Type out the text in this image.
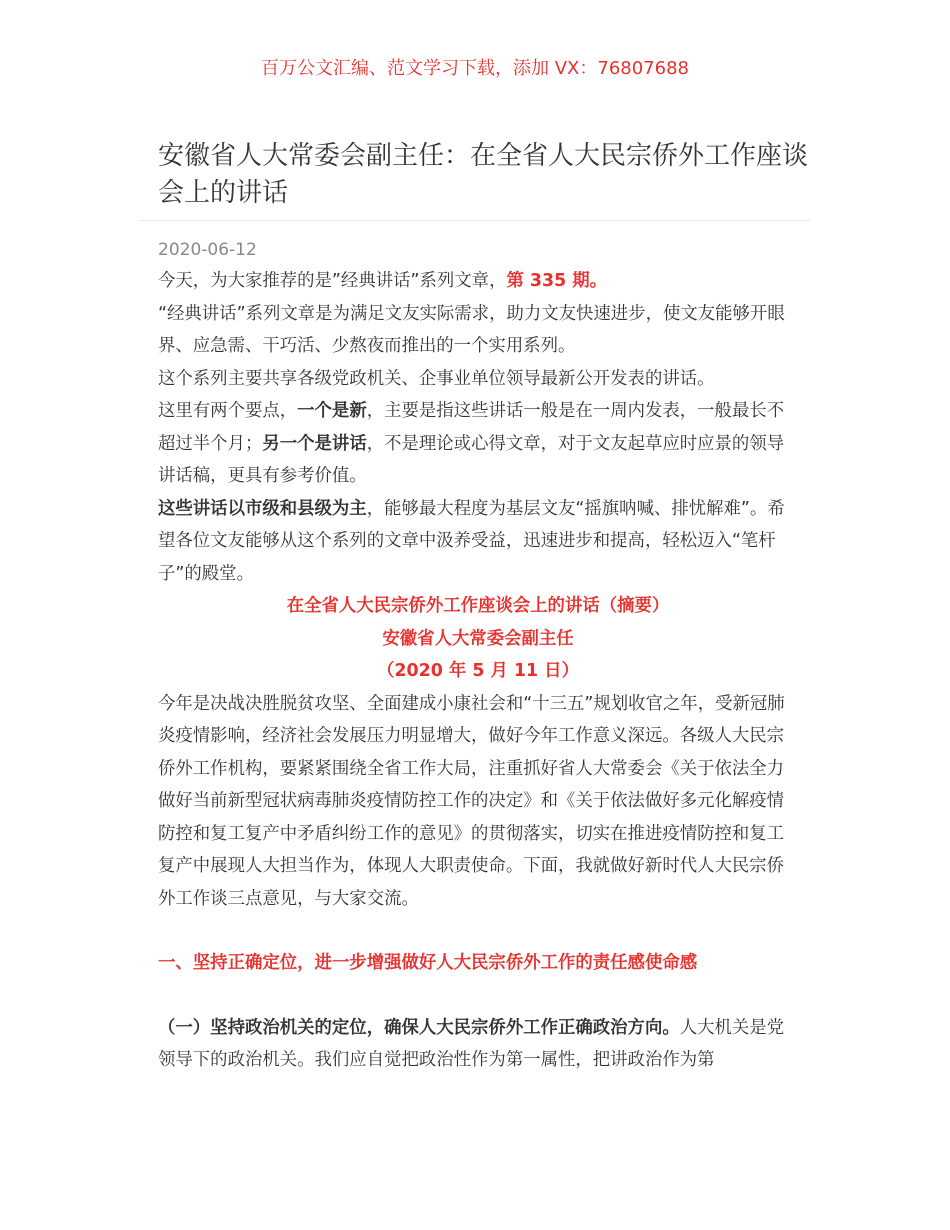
百万公文汇编、范文学习下载，添加 VX：76807688
安徽省人大常委会副主任：在全省人大民宗侨外工作座谈会上的讲话
2020-06-12

今天，为大家推荐的是”经典讲话”系列文章，第 335 期。

“经典讲话”系列文章是为满足文友实际需求，助力文友快速进步，使文友能够开眼界、应急需、干巧活、少熬夜而推出的一个实用系列。

这个系列主要共享各级党政机关、企事业单位领导最新公开发表的讲话。

这里有两个要点，一个是新，主要是指这些讲话一般是在一周内发表，一般最长不超过半个月；另一个是讲话，不是理论或心得文章，对于文友起草应时应景的领导讲话稿，更具有参考价值。

这些讲话以市级和县级为主，能够最大程度为基层文友“摇旗呐喊、排忧解难”。希望各位文友能够从这个系列的文章中汲养受益，迅速进步和提高，轻松迈入“笔杆子”的殿堂。

在全省人大民宗侨外工作座谈会上的讲话（摘要）

安徽省人大常委会副主任

（2020 年 5 月 11 日）

今年是决战决胜脱贫攻坚、全面建成小康社会和“十三五”规划收官之年，受新冠肺炎疫情影响，经济社会发展压力明显增大，做好今年工作意义深远。各级人大民宗侨外工作机构，要紧紧围绕全省工作大局，注重抓好省人大常委会《关于依法全力做好当前新型冠状病毒肺炎疫情防控工作的决定》和《关于依法做好多元化解疫情防控和复工复产中矛盾纠纷工作的意见》的贯彻落实，切实在推进疫情防控和复工复产中展现人大担当作为，体现人大职责使命。下面，我就做好新时代人大民宗侨外工作谈三点意见，与大家交流。

一、坚持正确定位，进一步增强做好人大民宗侨外工作的责任感使命感

（一）坚持政治机关的定位，确保人大民宗侨外工作正确政治方向。人大机关是党领导下的政治机关。我们应自觉把政治性作为第一属性，把讲政治作为第
